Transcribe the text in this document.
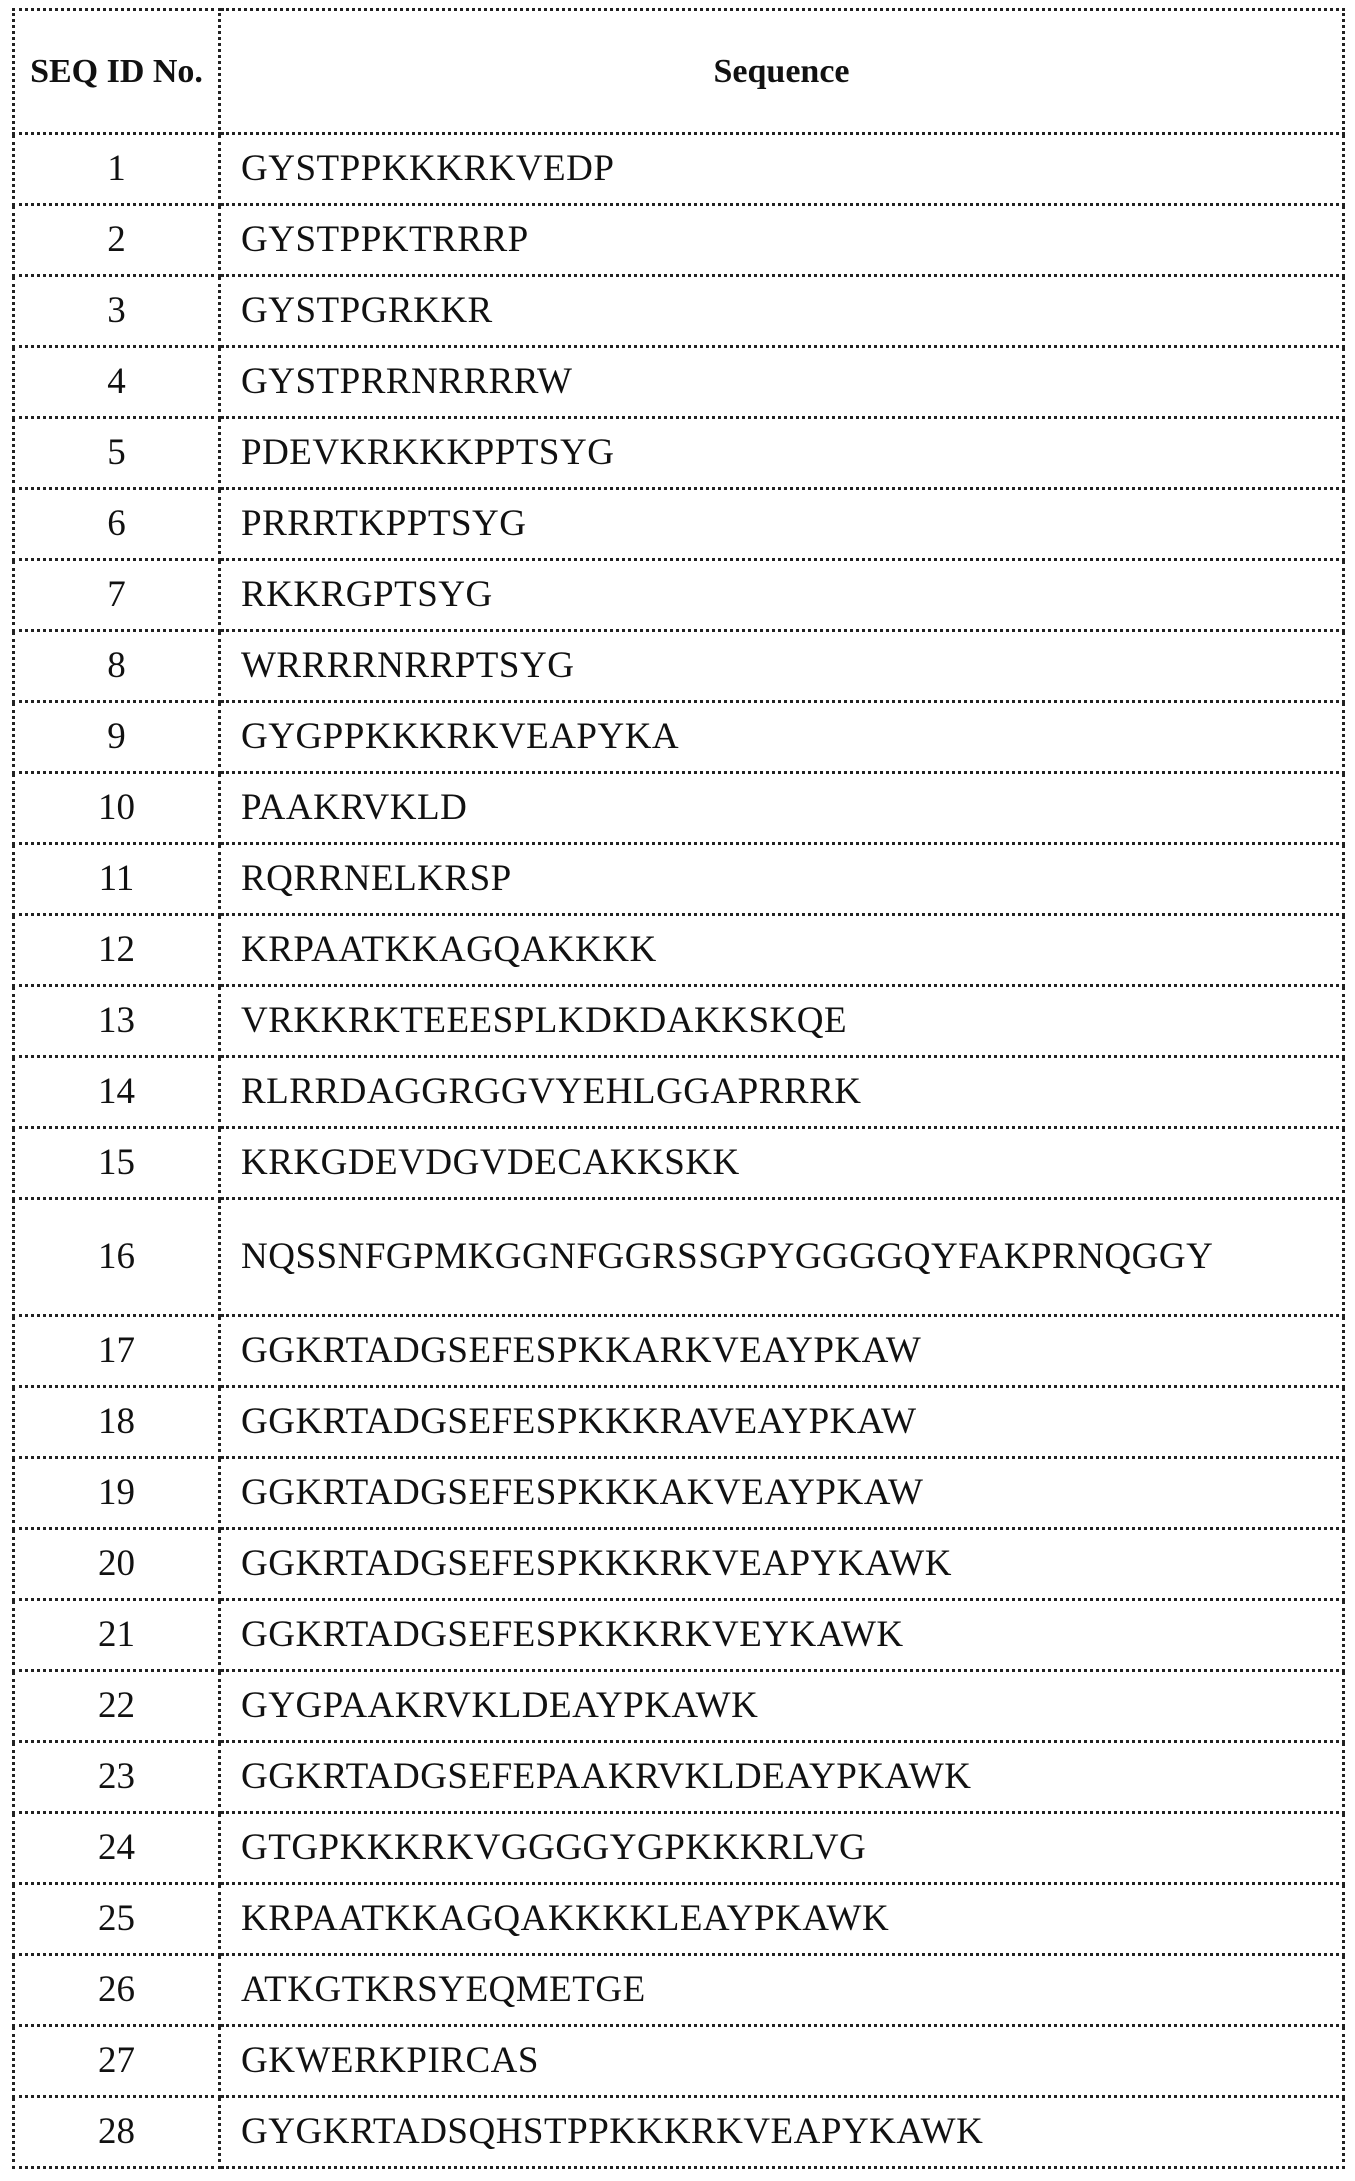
SEQ ID No.	Sequence
1	GYSTPPKKKRKVEDP
2	GYSTPPKTRRRP
3	GYSTPGRKKR
4	GYSTPRRNRRRRW
5	PDEVKRKKKPPTSYG
6	PRRRTKPPTSYG
7	RKKRGPTSYG
8	WRRRRNRRPTSYG
9	GYGPPKKKRKVEAPYKA
10	PAAKRVKLD
11	RQRRNELKRSP
12	KRPAATKKAGQAKKKK
13	VRKKRKTEEESPLKDKDAKKSKQE
14	RLRRDAGGRGGVYEHLGGAPRRRK
15	KRKGDEVDGVDECAKKSKK
16	NQSSNFGPMKGGNFGGRSSGPYGGGGQYFAKPRNQGGY
17	GGKRTADGSEFESPKKARKVEAYPKAW
18	GGKRTADGSEFESPKKKRAVEAYPKAW
19	GGKRTADGSEFESPKKKAKVEAYPKAW
20	GGKRTADGSEFESPKKKRKVEAPYKAWK
21	GGKRTADGSEFESPKKKRKVEYKAWK
22	GYGPAAKRVKLDEAYPKAWK
23	GGKRTADGSEFEPAAKRVKLDEAYPKAWK
24	GTGPKKKRKVGGGGYGPKKKRLVG
25	KRPAATKKAGQAKKKKLEAYPKAWK
26	ATKGTKRSYEQMETGE
27	GKWERKPIRCAS
28	GYGKRTADSQHSTPPKKKRKVEAPYKAWK
